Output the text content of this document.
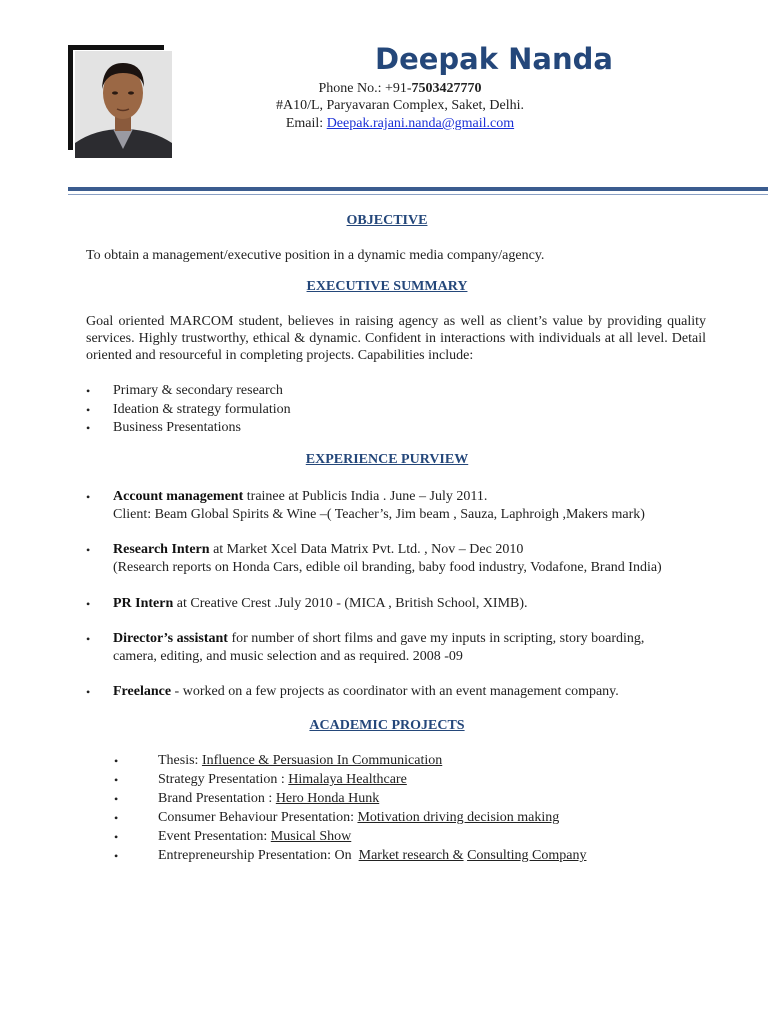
Deepak Nanda
Phone No.: +91-7503427770
#A10/L, Paryavaran Complex, Saket, Delhi.
Email: Deepak.rajani.nanda@gmail.com
OBJECTIVE
To obtain a management/executive position in a dynamic media company/agency.
EXECUTIVE SUMMARY
Goal oriented MARCOM student, believes in raising agency as well as client’s value by providing quality services. Highly trustworthy, ethical & dynamic. Confident in interactions with individuals at all level. Detail oriented and resourceful in completing projects. Capabilities include:
• Primary & secondary research
• Ideation & strategy formulation
• Business Presentations
EXPERIENCE PURVIEW
• Account management trainee at Publicis India . June – July 2011.
Client: Beam Global Spirits & Wine –( Teacher’s, Jim beam , Sauza, Laphroigh ,Makers mark)
• Research Intern at Market Xcel Data Matrix Pvt. Ltd. , Nov – Dec 2010
(Research reports on Honda Cars, edible oil branding, baby food industry, Vodafone, Brand India)
• PR Intern at Creative Crest .July 2010 - (MICA , British School, XIMB).
• Director’s assistant for number of short films and gave my inputs in scripting, story boarding,
camera, editing, and music selection and as required. 2008 -09
• Freelance - worked on a few projects as coordinator with an event management company.
ACADEMIC PROJECTS
•	Thesis: Influence & Persuasion In Communication
•	Strategy Presentation : Himalaya Healthcare
•	Brand Presentation : Hero Honda Hunk
•	Consumer Behaviour Presentation: Motivation driving decision making
•	Event Presentation: Musical Show
•	Entrepreneurship Presentation: On  Market research & Consulting Company
